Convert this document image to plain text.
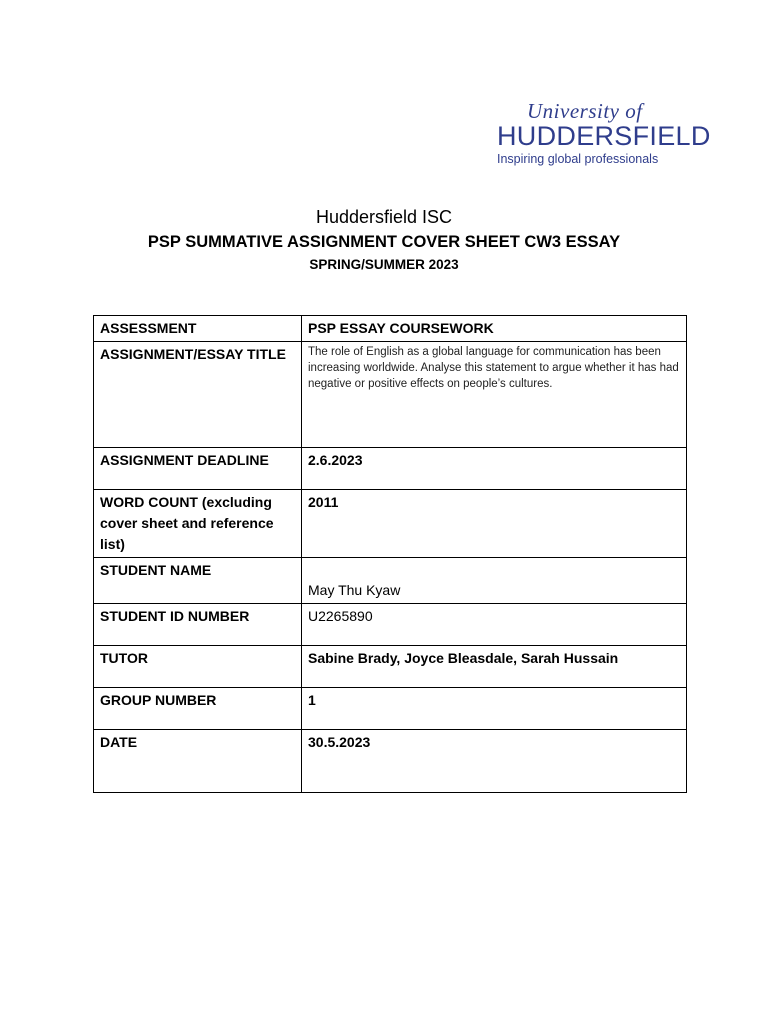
University of
HUDDERSFIELD
Inspiring global professionals
Huddersfield ISC
PSP SUMMATIVE ASSIGNMENT COVER SHEET CW3 ESSAY
SPRING/SUMMER 2023
ASSESSMENT	PSP ESSAY COURSEWORK
ASSIGNMENT/ESSAY TITLE	The role of English as a global language for communication has been increasing worldwide. Analyse this statement to argue whether it has had negative or positive effects on people’s cultures.
ASSIGNMENT DEADLINE	2.6.2023
WORD COUNT (excluding cover sheet and reference list)	2011
STUDENT NAME	May Thu Kyaw
STUDENT ID NUMBER	U2265890
TUTOR	Sabine Brady, Joyce Bleasdale, Sarah Hussain
GROUP NUMBER	1
DATE	30.5.2023
